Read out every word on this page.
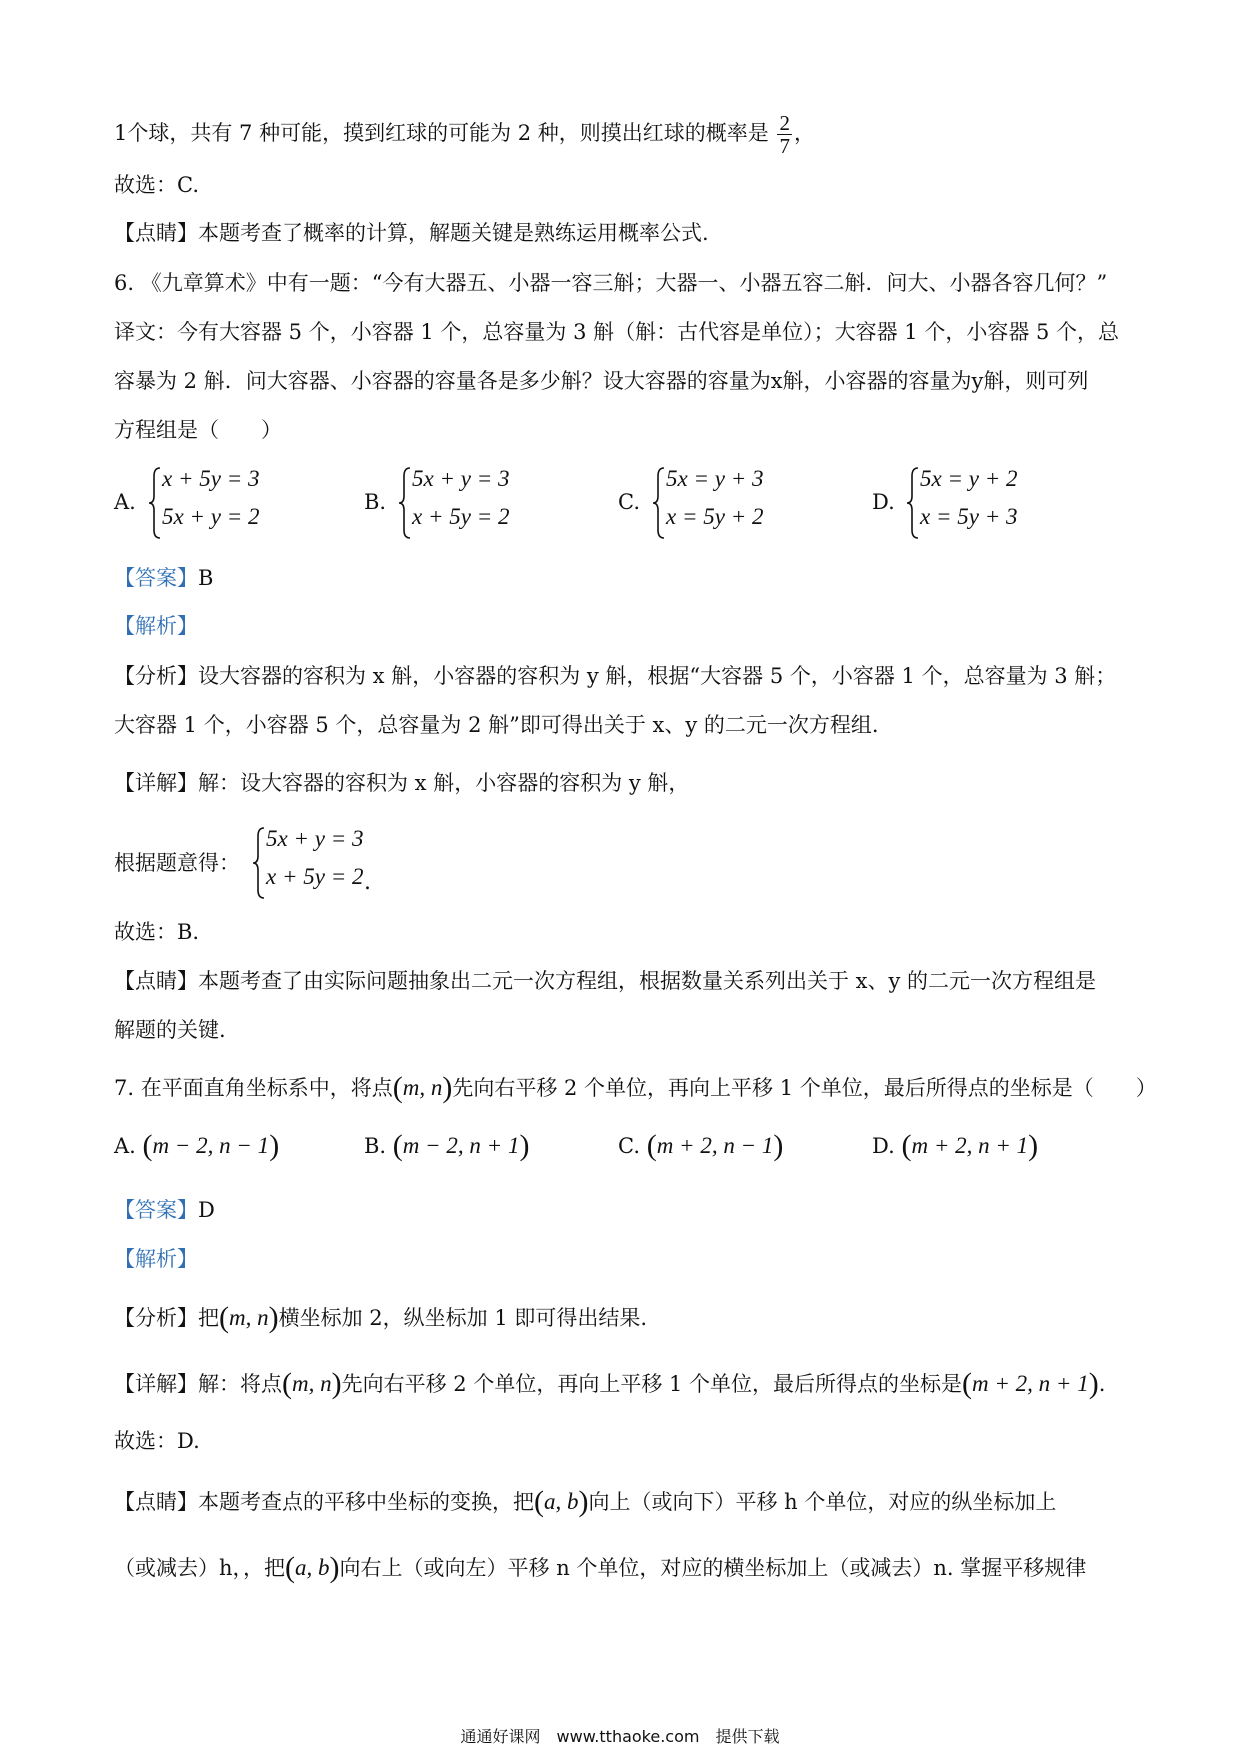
1个球，共有 7 种可能，摸到红球的可能为 2 种，则摸出红球的概率是 $\frac{2}{7}$ ，
故选：C.
【点睛】本题考查了概率的计算，解题关键是熟练运用概率公式.
6. 《九章算术》中有一题：“今有大器五、小器一容三斛；大器一、小器五容二斛．问大、小器各容几何？”
译文：今有大容器 5 个，小容器 1 个，总容量为 3 斛（斛：古代容是单位）；大容器 1 个，小容器 5 个，总
容暴为 2 斛．问大容器、小容器的容量各是多少斛？设大容器的容量为x斛，小容器的容量为y斛，则可列
方程组是（　　）
A.
x + 5y = 3
5x + y = 2
B.
5x + y = 3
x + 5y = 2
C.
5x = y + 3
x = 5y + 2
D.
5x = y + 2
x = 5y + 3
【答案】B
【解析】
【分析】设大容器的容积为 x 斛，小容器的容积为 y 斛，根据“大容器 5 个，小容器 1 个，总容量为 3 斛；
大容器 1 个，小容器 5 个，总容量为 2 斛”即可得出关于 x、y 的二元一次方程组.
【详解】解：设大容器的容积为 x 斛，小容器的容积为 y 斛，
根据题意得：
5x + y = 3
x + 5y = 2 .
故选：B.
【点睛】本题考查了由实际问题抽象出二元一次方程组，根据数量关系列出关于 x、y 的二元一次方程组是
解题的关键.
7. 在平面直角坐标系中，将点(m, n)先向右平移 2 个单位，再向上平移 1 个单位，最后所得点的坐标是（　　）
A. (m − 2, n − 1)	B. (m − 2, n + 1)	C. (m + 2, n − 1)	D. (m + 2, n + 1)
【答案】D
【解析】
【分析】把(m, n)横坐标加 2，纵坐标加 1 即可得出结果.
【详解】解：将点(m, n)先向右平移 2 个单位，再向上平移 1 个单位，最后所得点的坐标是(m + 2, n + 1).
故选：D.
【点睛】本题考查点的平移中坐标的变换，把(a, b)向上（或向下）平移 h 个单位，对应的纵坐标加上
（或减去）h，，把(a, b)向右上（或向左）平移 n 个单位，对应的横坐标加上（或减去）n. 掌握平移规律
通通好课网　www.tthaoke.com　提供下载
